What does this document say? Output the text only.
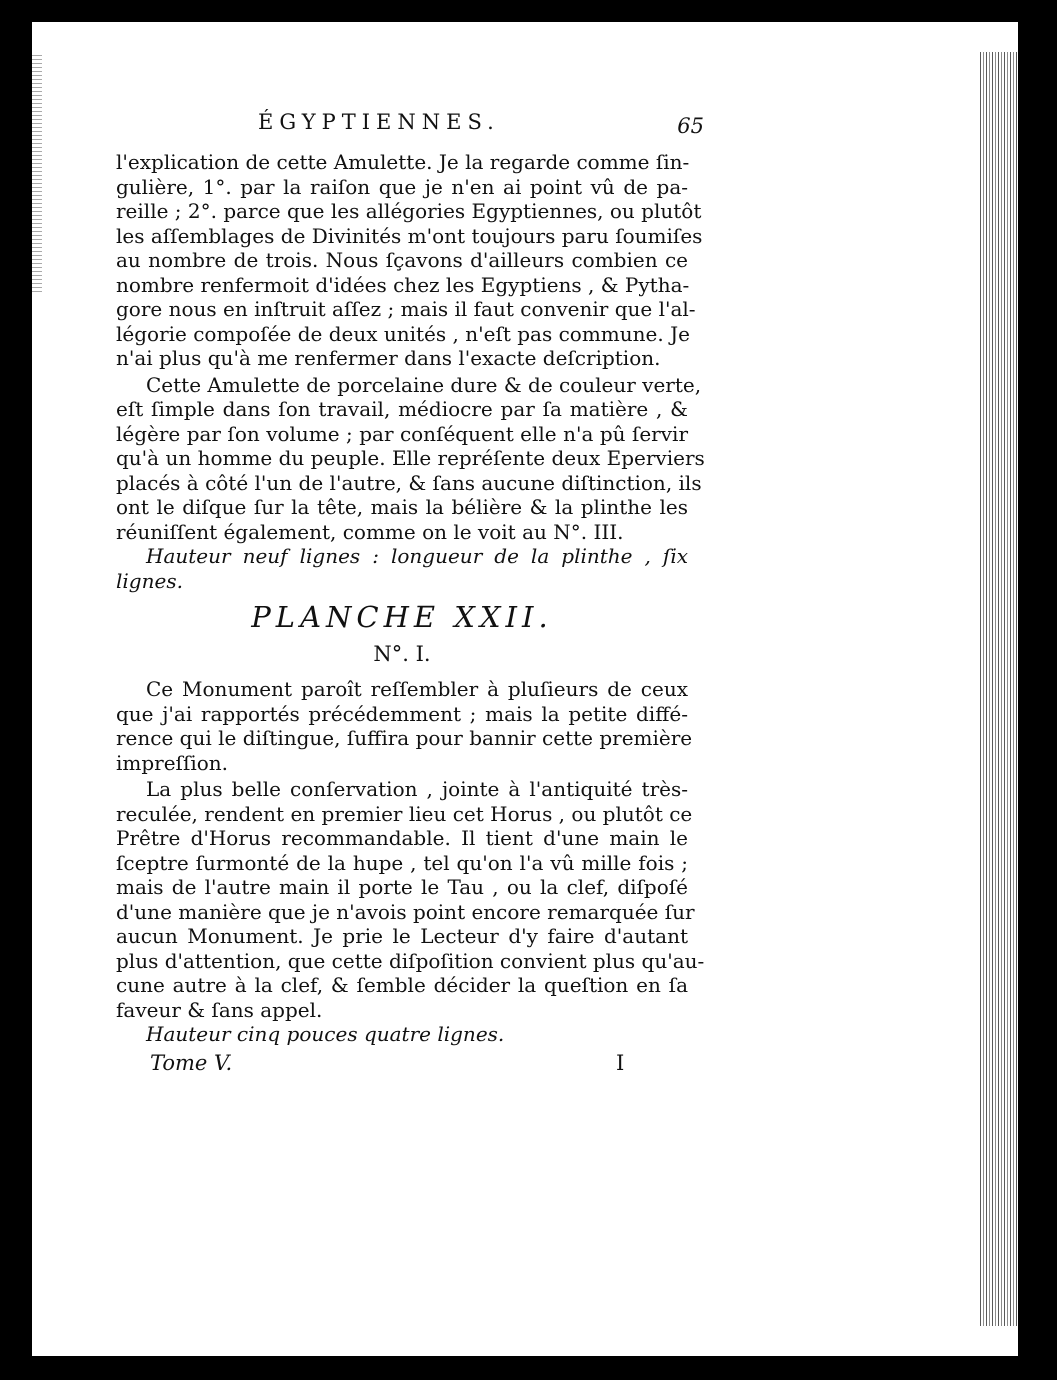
ÉGYPTIENNES.	65
l'explication de cette Amulette. Je la regarde comme ſin-
gulière, 1°. par la raiſon que je n'en ai point vû de pa-
reille ; 2°. parce que les allégories Egyptiennes, ou plutôt
les aſſemblages de Divinités m'ont toujours paru ſoumiſes
au nombre de trois. Nous ſçavons d'ailleurs combien ce
nombre renfermoit d'idées chez les Egyptiens , & Pytha-
gore nous en inſtruit aſſez ; mais il faut convenir que l'al-
légorie compoſée de deux unités , n'eſt pas commune. Je
n'ai plus qu'à me renfermer dans l'exacte deſcription.
Cette Amulette de porcelaine dure & de couleur verte,
eſt ſimple dans ſon travail, médiocre par ſa matière , &
légère par ſon volume ; par conſéquent elle n'a pû ſervir
qu'à un homme du peuple. Elle repréſente deux Eperviers
placés à côté l'un de l'autre, & ſans aucune diſtinction, ils
ont le diſque ſur la tête, mais la bélière & la plinthe les
réuniſſent également, comme on le voit au N°. III.
Hauteur neuf lignes : longueur de la plinthe , ſix
lignes.
PLANCHE XXII.
N°. I.
Ce Monument paroît reſſembler à pluſieurs de ceux
que j'ai rapportés précédemment ; mais la petite diffé-
rence qui le diſtingue, ſuffira pour bannir cette première
impreſſion.
La plus belle conſervation , jointe à l'antiquité très-
reculée, rendent en premier lieu cet Horus , ou plutôt ce
Prêtre d'Horus recommandable. Il tient d'une main le
ſceptre ſurmonté de la hupe , tel qu'on l'a vû mille fois ;
mais de l'autre main il porte le Tau , ou la clef, diſpoſé
d'une manière que je n'avois point encore remarquée ſur
aucun Monument. Je prie le Lecteur d'y faire d'autant
plus d'attention, que cette diſpoſition convient plus qu'au-
cune autre à la clef, & ſemble décider la queſtion en ſa
faveur & ſans appel.
Hauteur cinq pouces quatre lignes.
Tome V.	I
